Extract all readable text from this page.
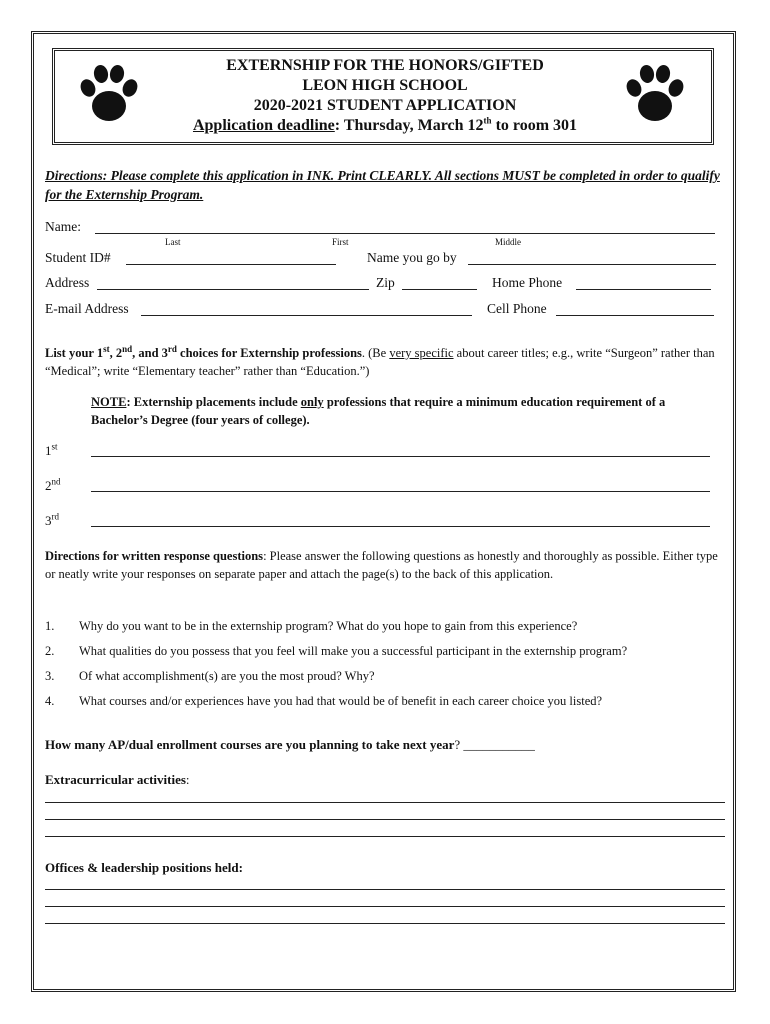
EXTERNSHIP FOR THE HONORS/GIFTED
LEON HIGH SCHOOL
2020-2021 STUDENT APPLICATION
Application deadline: Thursday, March 12th to room 301
Directions: Please complete this application in INK. Print CLEARLY. All sections MUST be completed in order to qualify for the Externship Program.
Name:
Last	First	Middle
Student ID#	Name you go by
Address	Zip	Home Phone
E-mail Address	Cell Phone
List your 1st, 2nd, and 3rd choices for Externship professions. (Be very specific about career titles; e.g., write “Surgeon” rather than “Medical”; write “Elementary teacher” rather than “Education.”)
NOTE: Externship placements include only professions that require a minimum education requirement of a Bachelor’s Degree (four years of college).
1st
2nd
3rd
Directions for written response questions: Please answer the following questions as honestly and thoroughly as possible. Either type or neatly write your responses on separate paper and attach the page(s) to the back of this application.
1. Why do you want to be in the externship program? What do you hope to gain from this experience?
2. What qualities do you possess that you feel will make you a successful participant in the externship program?
3. Of what accomplishment(s) are you the most proud? Why?
4. What courses and/or experiences have you had that would be of benefit in each career choice you listed?
How many AP/dual enrollment courses are you planning to take next year? ___________
Extracurricular activities:
Offices & leadership positions held:
